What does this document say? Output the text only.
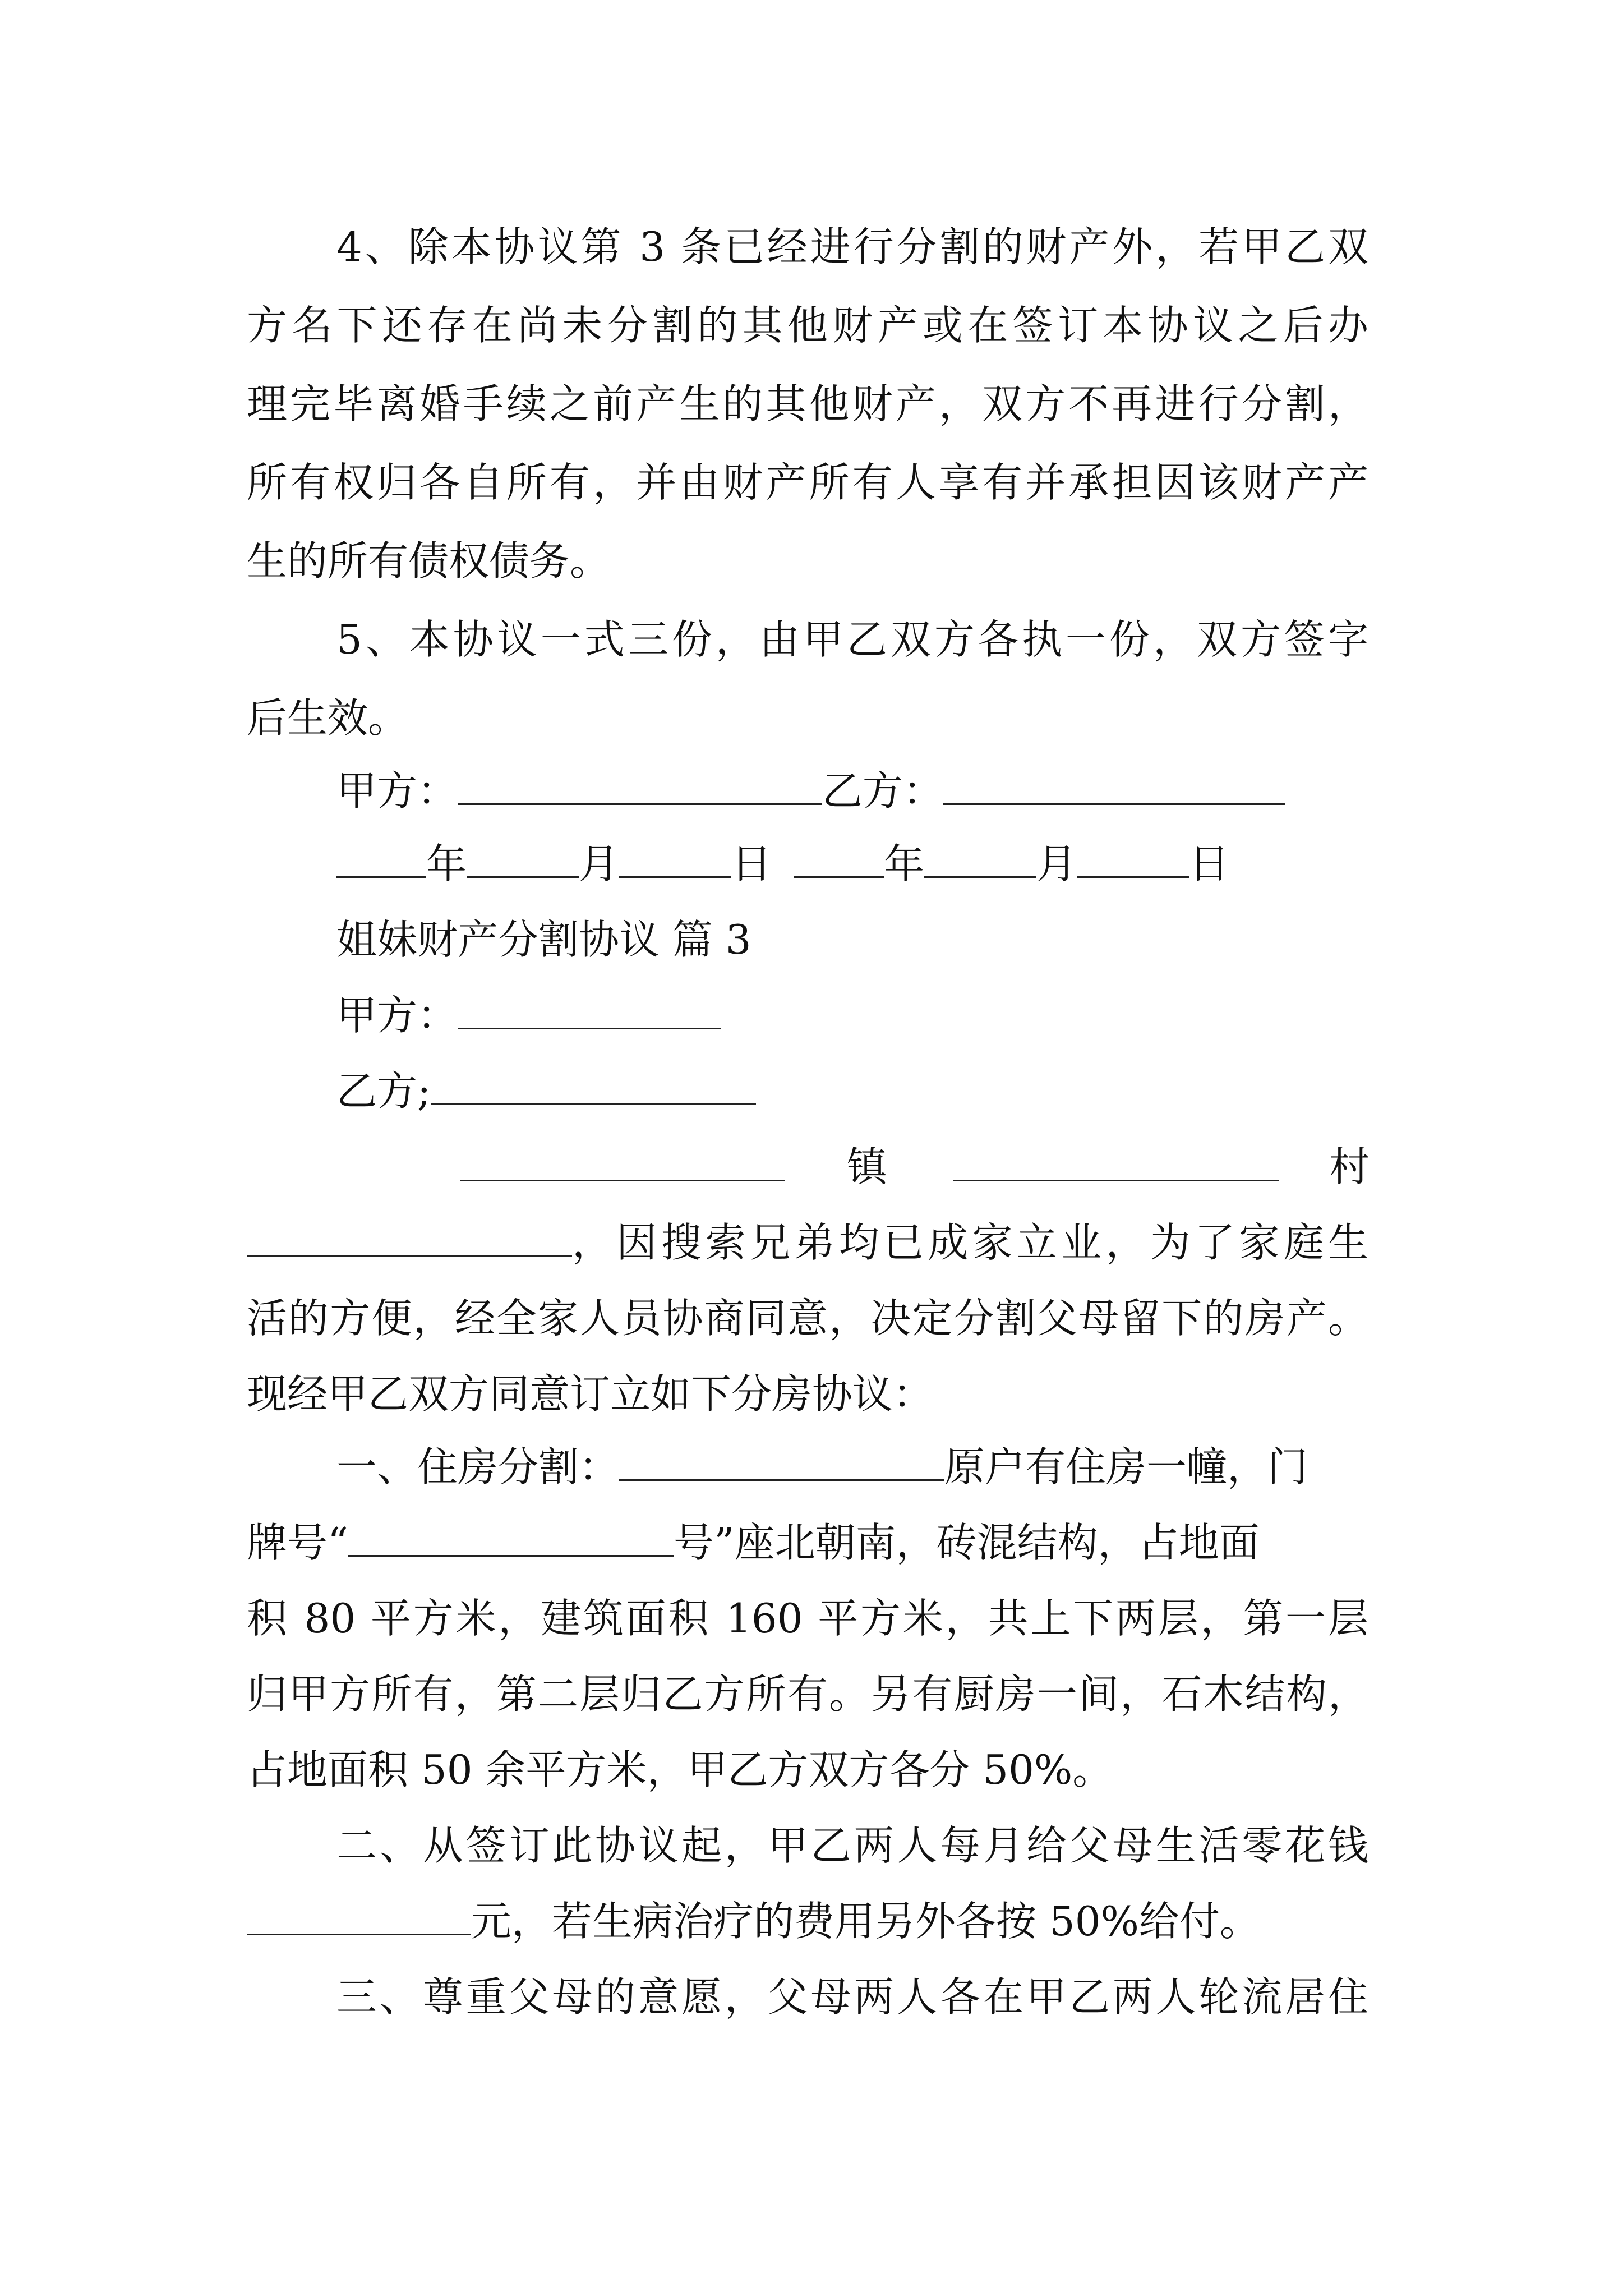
4、除本协议第 3 条已经进行分割的财产外，若甲乙双
方名下还存在尚未分割的其他财产或在签订本协议之后办
理完毕离婚手续之前产生的其他财产，双方不再进行分割，
所有权归各自所有，并由财产所有人享有并承担因该财产产
生的所有债权债务。
5、本协议一式三份，由甲乙双方各执一份，双方签字
后生效。
甲方：	乙方：
年	月	日	年	月	日
姐妹财产分割协议 篇 3
甲方：
乙方;
镇	村
，因搜索兄弟均已成家立业，为了家庭生
活的方便，经全家人员协商同意，决定分割父母留下的房产。
现经甲乙双方同意订立如下分房协议：
一、住房分割：	原户有住房一幢，门
牌号“	号”座北朝南，砖混结构，占地面
积 80 平方米，建筑面积 160 平方米，共上下两层，第一层
归甲方所有，第二层归乙方所有。另有厨房一间，石木结构，
占地面积 50 余平方米，甲乙方双方各分 50%。
二、从签订此协议起，甲乙两人每月给父母生活零花钱
元，若生病治疗的费用另外各按 50%给付。
三、尊重父母的意愿，父母两人各在甲乙两人轮流居住
